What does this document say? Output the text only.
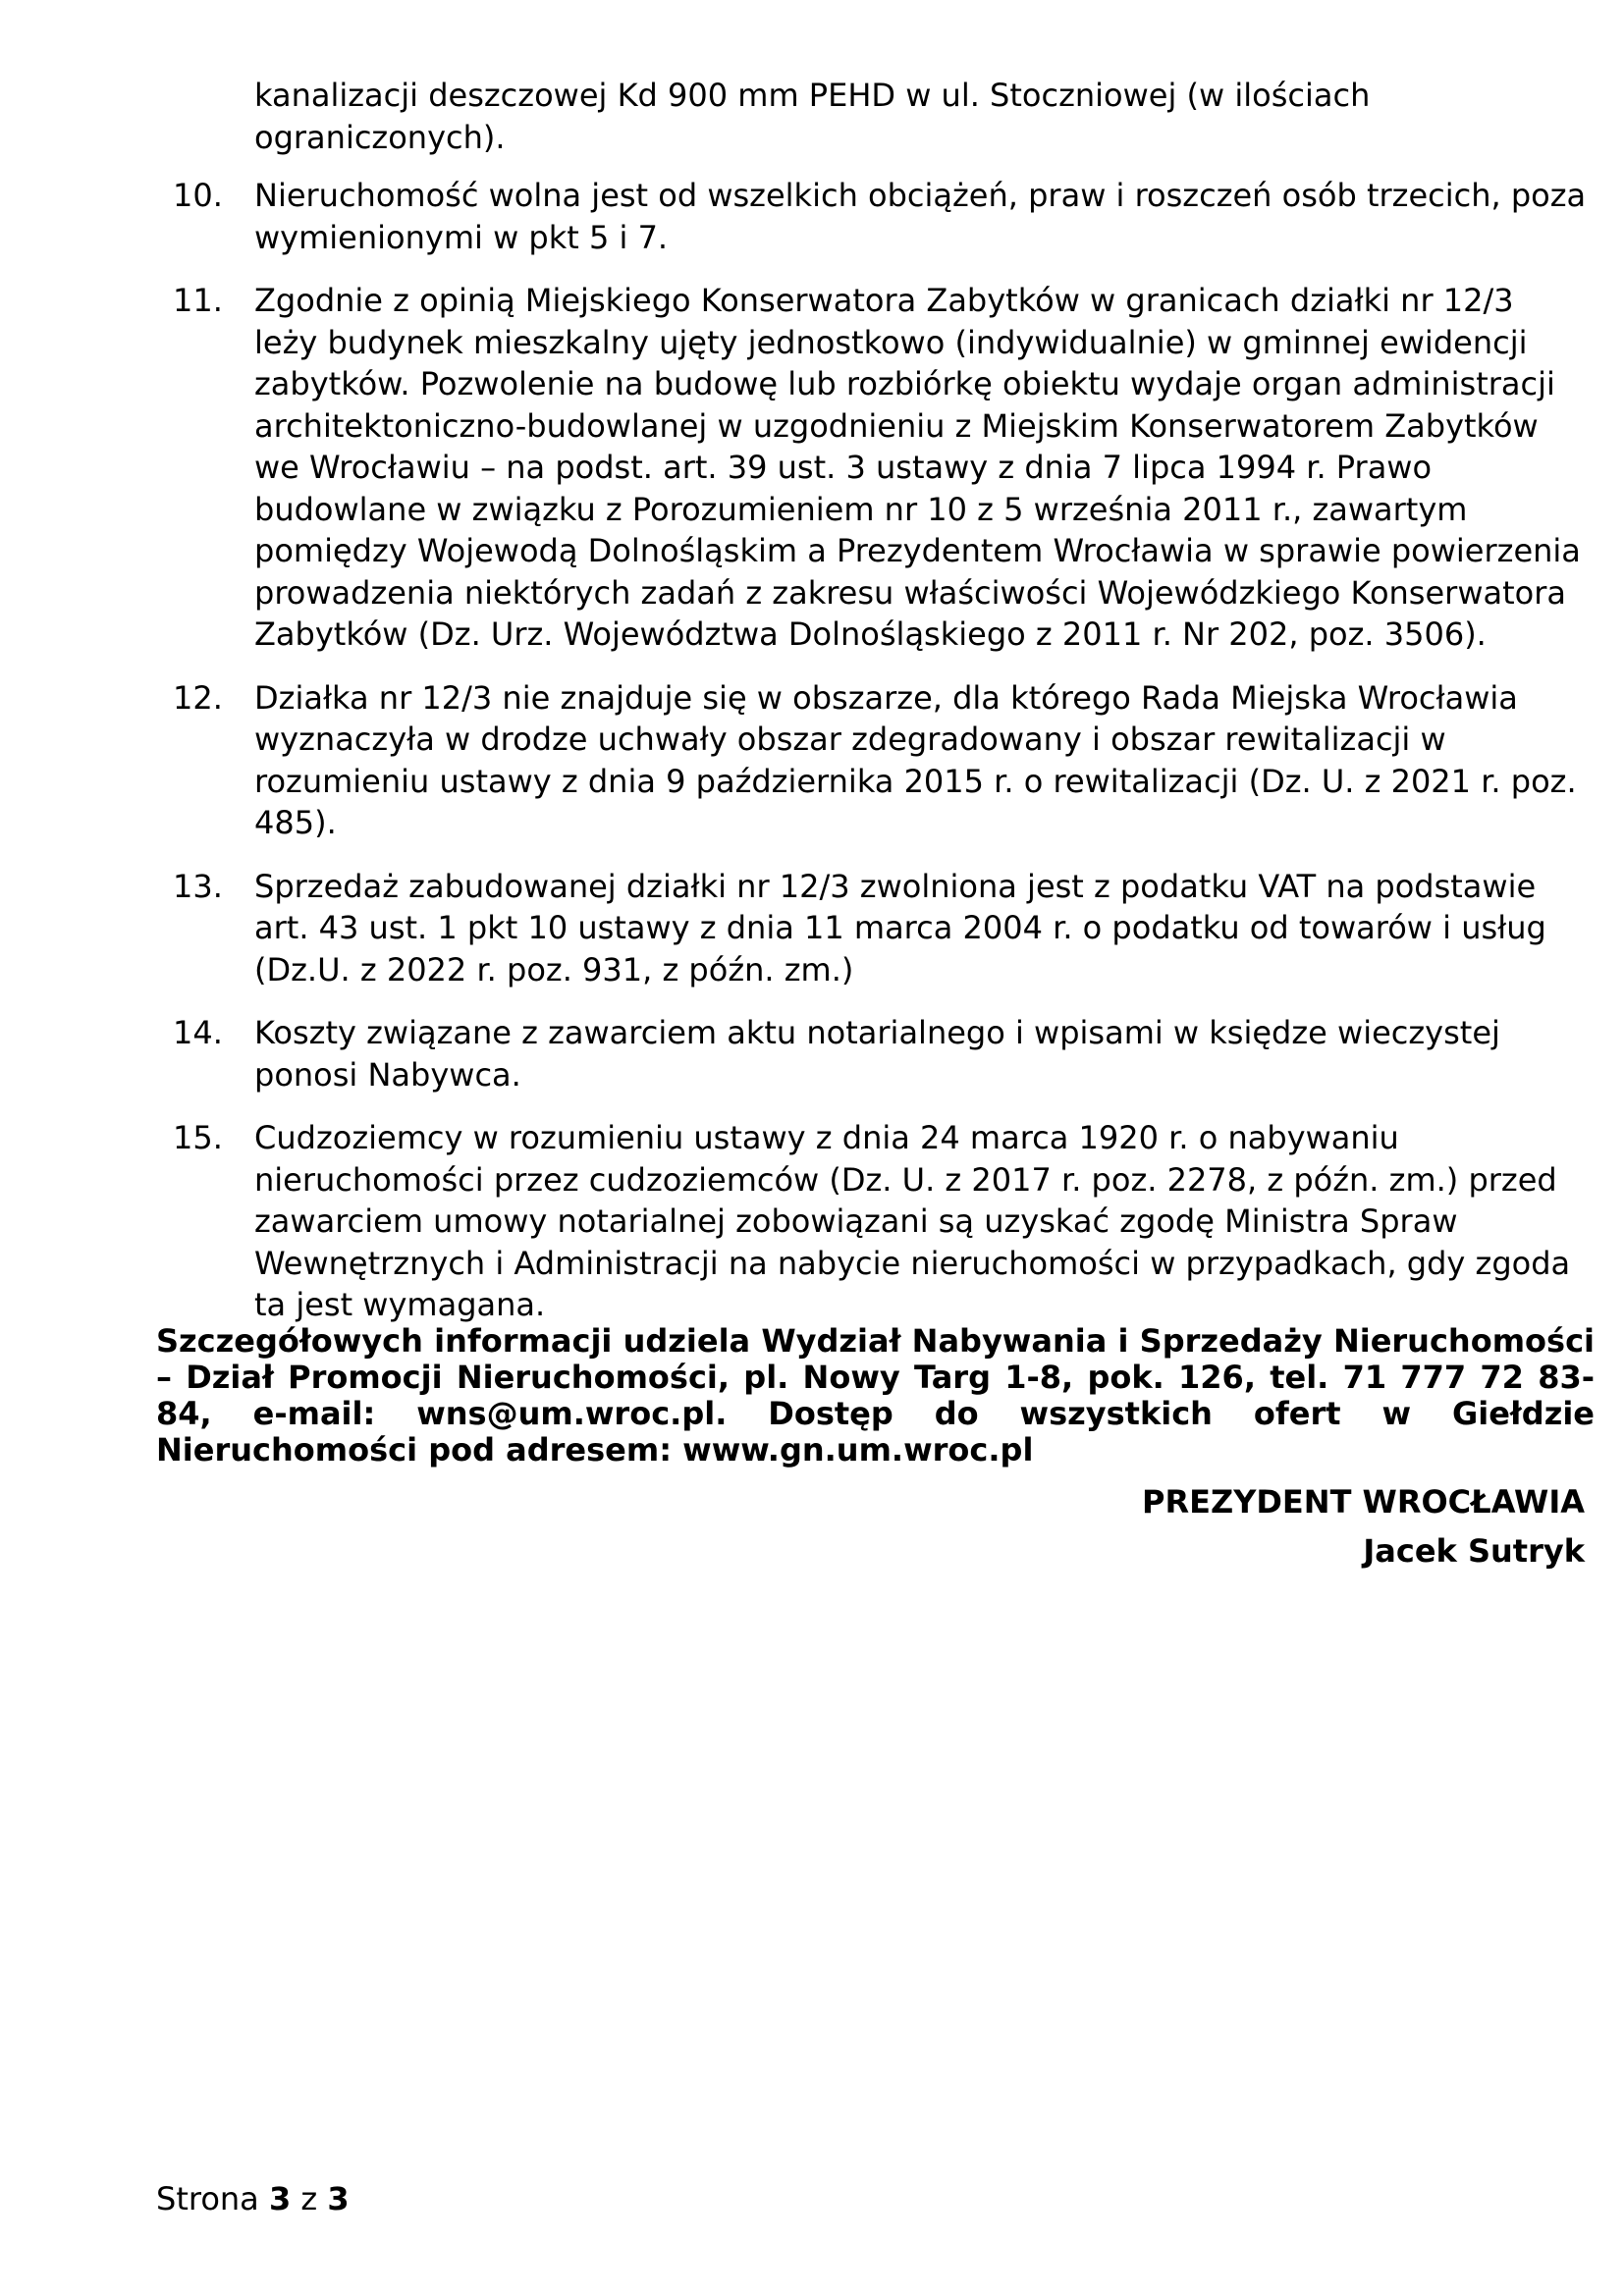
kanalizacji deszczowej Kd 900 mm PEHD w ul. Stoczniowej (w ilościach ograniczonych).
10.	Nieruchomość wolna jest od wszelkich obciążeń, praw i roszczeń osób trzecich, poza wymienionymi w pkt 5 i 7.
11.	Zgodnie z opinią Miejskiego Konserwatora Zabytków w granicach działki nr 12/3 leży budynek mieszkalny ujęty jednostkowo (indywidualnie) w gminnej ewidencji zabytków. Pozwolenie na budowę lub rozbiórkę obiektu wydaje organ administracji architektoniczno-budowlanej w uzgodnieniu z Miejskim Konserwatorem Zabytków we Wrocławiu – na podst. art. 39 ust. 3 ustawy z dnia 7 lipca 1994 r. Prawo budowlane w związku z Porozumieniem nr 10 z 5 września 2011 r., zawartym pomiędzy Wojewodą Dolnośląskim a Prezydentem Wrocławia w sprawie powierzenia prowadzenia niektórych zadań z zakresu właściwości Wojewódzkiego Konserwatora Zabytków (Dz. Urz. Województwa Dolnośląskiego z 2011 r. Nr 202, poz. 3506).
12.	Działka nr 12/3 nie znajduje się w obszarze, dla którego Rada Miejska Wrocławia wyznaczyła w drodze uchwały obszar zdegradowany i obszar rewitalizacji w rozumieniu ustawy z dnia 9 października 2015 r. o rewitalizacji (Dz. U. z 2021 r. poz. 485).
13.	Sprzedaż zabudowanej działki nr 12/3 zwolniona jest z podatku VAT na podstawie art. 43 ust. 1 pkt 10 ustawy z dnia 11 marca 2004 r. o podatku od towarów i usług (Dz.U. z 2022 r. poz. 931, z późn. zm.)
14.	Koszty związane z zawarciem aktu notarialnego i wpisami w księdze wieczystej ponosi Nabywca.
15.	Cudzoziemcy w rozumieniu ustawy z dnia 24 marca 1920 r. o nabywaniu nieruchomości przez cudzoziemców (Dz. U. z 2017 r. poz. 2278, z późn. zm.) przed zawarciem umowy notarialnej zobowiązani są uzyskać zgodę Ministra Spraw Wewnętrznych i Administracji na nabycie nieruchomości w przypadkach, gdy zgoda ta jest wymagana.
Szczegółowych informacji udziela Wydział Nabywania i Sprzedaży Nieruchomości – Dział Promocji Nieruchomości, pl. Nowy Targ 1-8, pok. 126, tel. 71 777 72 83-84, e-mail: wns@um.wroc.pl. Dostęp do wszystkich ofert w Giełdzie Nieruchomości pod adresem: www.gn.um.wroc.pl
PREZYDENT WROCŁAWIA
Jacek Sutryk
Strona 3 z 3
